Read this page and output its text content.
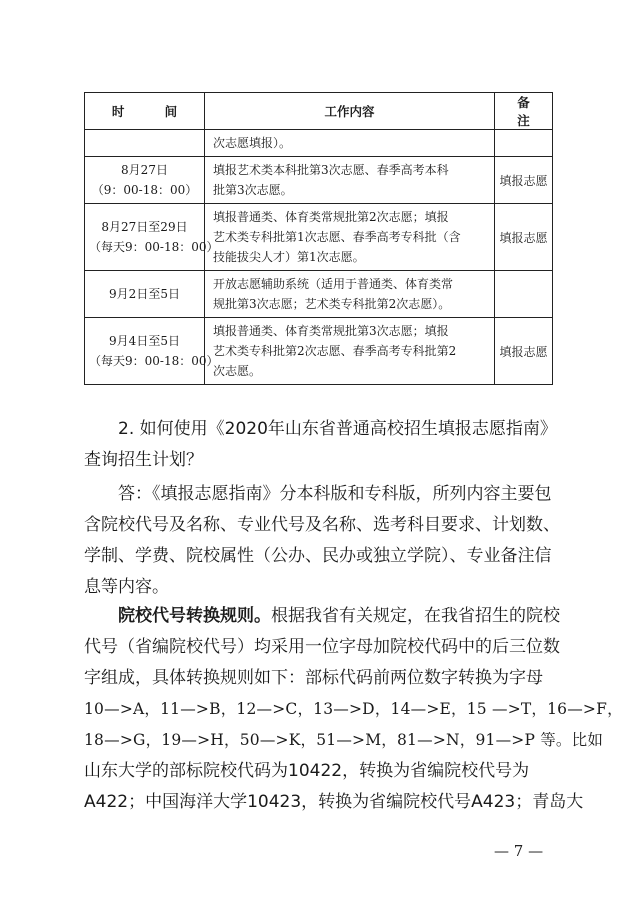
时 间	工作内容	备 注

	次志愿填报）。	

8月27日
（9：00-18：00）	填报艺术类本科批第3次志愿、春季高考本科
批第3次志愿。	填报志愿

8月27日至29日
（每天9：00-18：00）	填报普通类、体育类常规批第2次志愿；填报
艺术类专科批第1次志愿、春季高考专科批（含
技能拔尖人才）第1次志愿。	填报志愿

9月2日至5日	开放志愿辅助系统（适用于普通类、体育类常
规批第3次志愿；艺术类专科批第2次志愿）。	

9月4日至5日
（每天9：00-18：00）	填报普通类、体育类常规批第3次志愿；填报
艺术类专科批第2次志愿、春季高考专科批第2
次志愿。	填报志愿
2. 如何使用《2020年山东省普通高校招生填报志愿指南》
查询招生计划？
答：《填报志愿指南》分本科版和专科版，所列内容主要包
含院校代号及名称、专业代号及名称、选考科目要求、计划数、
学制、学费、院校属性（公办、民办或独立学院）、专业备注信
息等内容。
院校代号转换规则。根据我省有关规定，在我省招生的院校
代号（省编院校代号）均采用一位字母加院校代码中的后三位数
字组成，具体转换规则如下：部标代码前两位数字转换为字母
10—>A，11—>B，12—>C，13—>D，14—>E，15 —>T，16—>F，
18—>G，19—>H，50—>K，51—>M，81—>N，91—>P 等。比如
山东大学的部标院校代码为10422，转换为省编院校代号为
A422；中国海洋大学10423，转换为省编院校代号A423；青岛大
— 7 —
